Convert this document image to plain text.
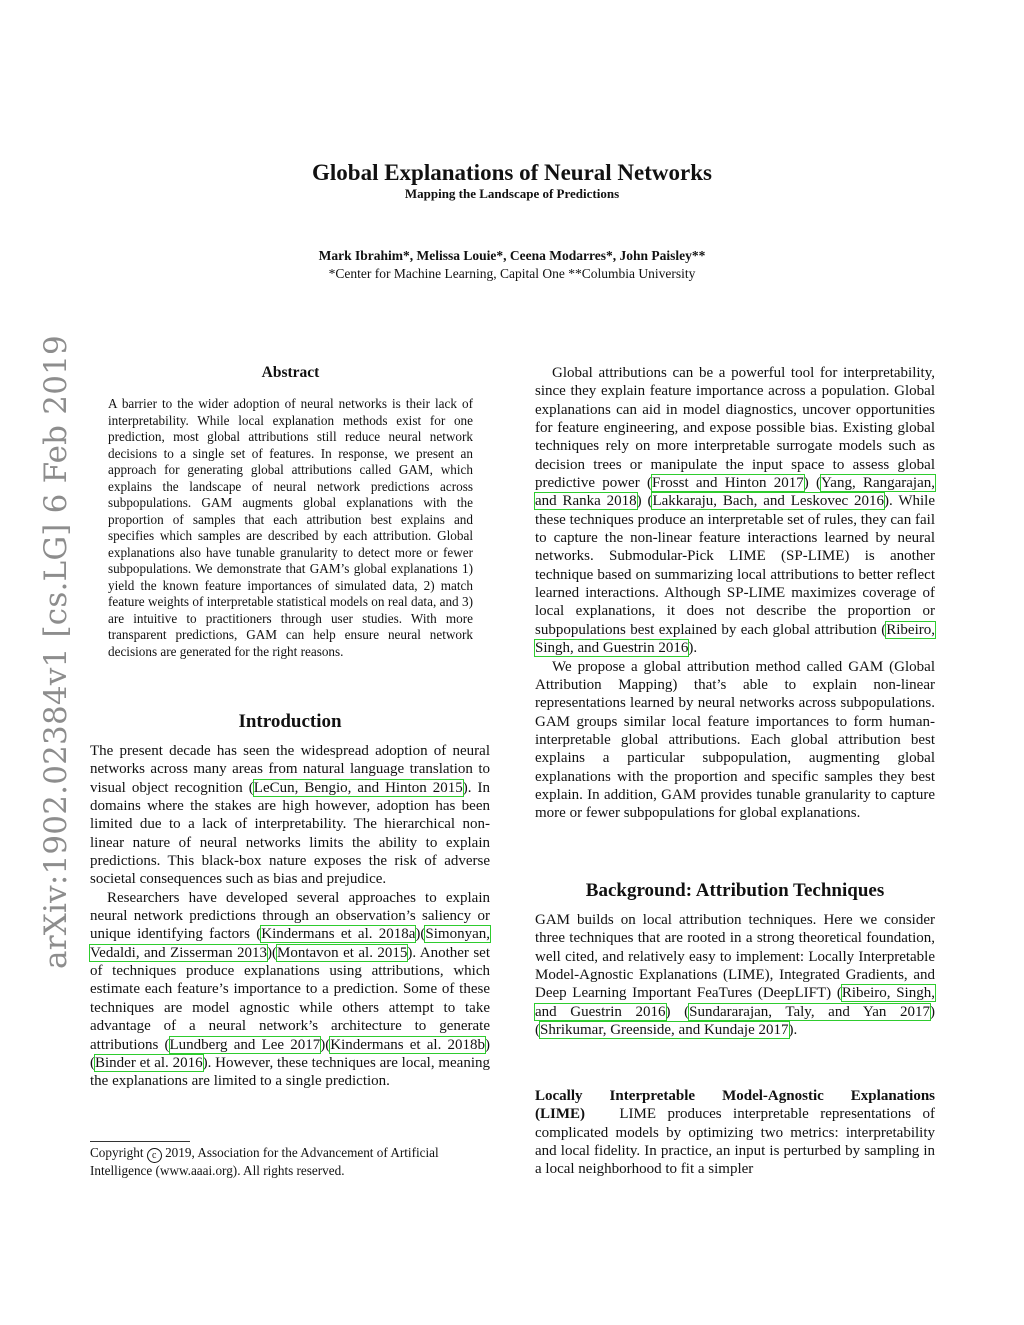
Global Explanations of Neural Networks
Mapping the Landscape of Predictions
Mark Ibrahim*, Melissa Louie*, Ceena Modarres*, John Paisley**
*Center for Machine Learning, Capital One **Columbia University
arXiv:1902.02384v1 [cs.LG] 6 Feb 2019	Abstract
A barrier to the wider adoption of neural networks is their lack of interpretability. While local explanation methods exist for one prediction, most global attributions still reduce neural network decisions to a single set of features. In response, we present an approach for generating global attributions called GAM, which explains the landscape of neural network predictions across subpopulations. GAM augments global explanations with the proportion of samples that each attribution best explains and specifies which samples are described by each attribution. Global explanations also have tunable granularity to detect more or fewer subpopulations. We demonstrate that GAM’s global explanations 1) yield the known feature importances of simulated data, 2) match feature weights of interpretable statistical models on real data, and 3) are intuitive to practitioners through user studies. With more transparent predictions, GAM can help ensure neural network decisions are generated for the right reasons.
Introduction

The present decade has seen the widespread adoption of neural networks across many areas from natural language translation to visual object recognition (LeCun, Bengio, and Hinton 2015). In domains where the stakes are high however, adoption has been limited due to a lack of interpretability. The hierarchical non-linear nature of neural networks limits the ability to explain predictions. This black-box nature exposes the risk of adverse societal consequences such as bias and prejudice.

Researchers have developed several approaches to explain neural network predictions through an observation’s saliency or unique identifying factors (Kindermans et al. 2018a)(Simonyan, Vedaldi, and Zisserman 2013)(Montavon et al. 2015). Another set of techniques produce explanations using attributions, which estimate each feature’s importance to a prediction. Some of these techniques are model agnostic while others attempt to take advantage of a neural network’s architecture to generate attributions (Lundberg and Lee 2017)(Kindermans et al. 2018b) (Binder et al. 2016). However, these techniques are local, meaning the explanations are limited to a single prediction.

Copyright c 2019, Association for the Advancement of Artificial Intelligence (www.aaai.org). All rights reserved.

Global attributions can be a powerful tool for interpretability, since they explain feature importance across a population. Global explanations can aid in model diagnostics, uncover opportunities for feature engineering, and expose possible bias. Existing global techniques rely on more interpretable surrogate models such as decision trees or manipulate the input space to assess global predictive power (Frosst and Hinton 2017) (Yang, Rangarajan, and Ranka 2018) (Lakkaraju, Bach, and Leskovec 2016). While these techniques produce an interpretable set of rules, they can fail to capture the non-linear feature interactions learned by neural networks. Submodular-Pick LIME (SP-LIME) is another technique based on summarizing local attributions to better reflect learned interactions. Although SP-LIME maximizes coverage of local explanations, it does not describe the proportion or subpopulations best explained by each global attribution (Ribeiro, Singh, and Guestrin 2016).

We propose a global attribution method called GAM (Global Attribution Mapping) that’s able to explain non-linear representations learned by neural networks across subpopulations. GAM groups similar local feature importances to form human-interpretable global attributions. Each global attribution best explains a particular subpopulation, augmenting global explanations with the proportion and specific samples they best explain. In addition, GAM provides tunable granularity to capture more or fewer subpopulations for global explanations.

Background: Attribution Techniques

GAM builds on local attribution techniques. Here we consider three techniques that are rooted in a strong theoretical foundation, well cited, and relatively easy to implement: Locally Interpretable Model-Agnostic Explanations (LIME), Integrated Gradients, and Deep Learning Important FeaTures (DeepLIFT) (Ribeiro, Singh, and Guestrin 2016) (Sundararajan, Taly, and Yan 2017) (Shrikumar, Greenside, and Kundaje 2017).

Locally Interpretable Model-Agnostic Explanations (LIME) LIME produces interpretable representations of complicated models by optimizing two metrics: interpretability and local fidelity. In practice, an input is perturbed by sampling in a local neighborhood to fit a simpler
